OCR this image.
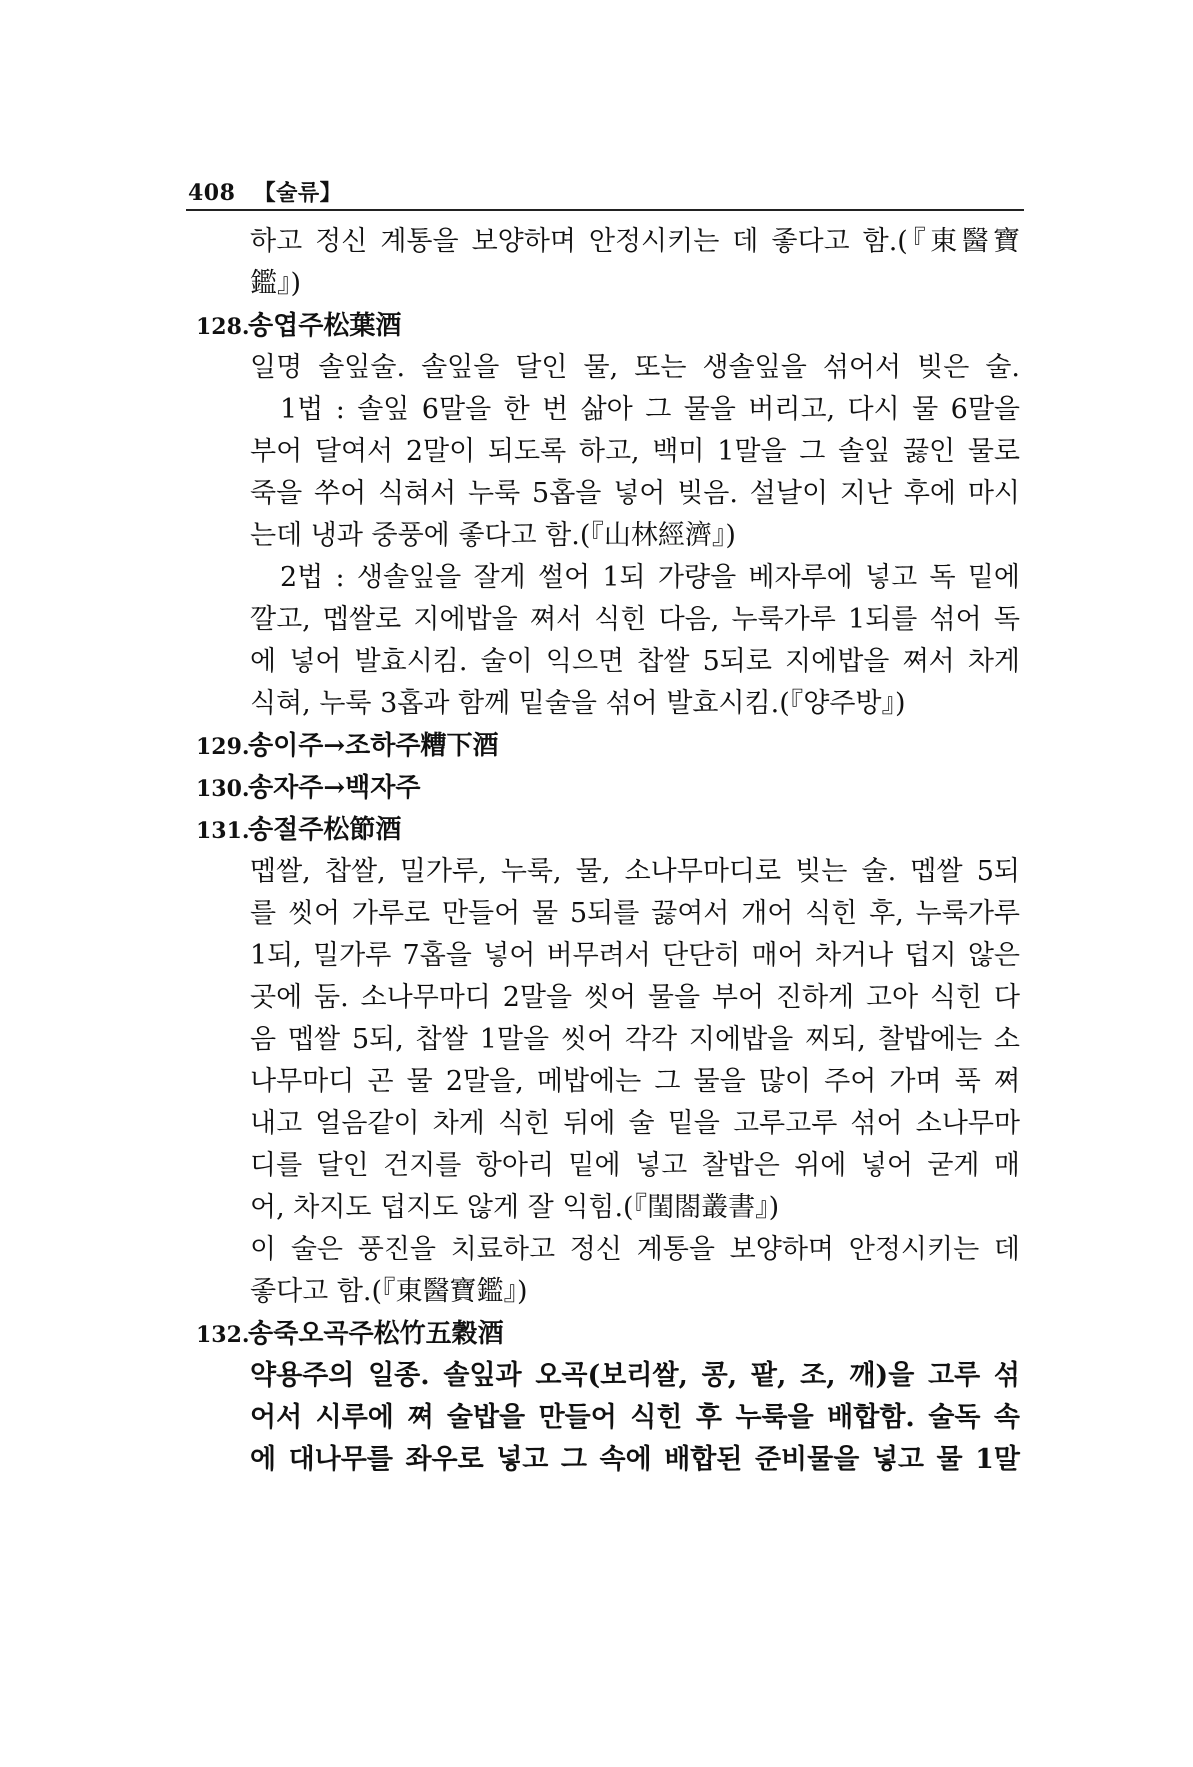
408 【술류】
하고 정신 계통을 보양하며 안정시키는 데 좋다고 함.(『東醫寶
鑑』)
128.송엽주松葉酒
일명 솔잎술. 솔잎을 달인 물, 또는 생솔잎을 섞어서 빚은 술.
1법 : 솔잎 6말을 한 번 삶아 그 물을 버리고, 다시 물 6말을
부어 달여서 2말이 되도록 하고, 백미 1말을 그 솔잎 끓인 물로
죽을 쑤어 식혀서 누룩 5홉을 넣어 빚음. 설날이 지난 후에 마시
는데 냉과 중풍에 좋다고 함.(『山林經濟』)
2법 : 생솔잎을 잘게 썰어 1되 가량을 베자루에 넣고 독 밑에
깔고, 멥쌀로 지에밥을 쪄서 식힌 다음, 누룩가루 1되를 섞어 독
에 넣어 발효시킴. 술이 익으면 찹쌀 5되로 지에밥을 쪄서 차게
식혀, 누룩 3홉과 함께 밑술을 섞어 발효시킴.(『양주방』)
129.송이주→조하주糟下酒
130.송자주→백자주
131.송절주松節酒
멥쌀, 찹쌀, 밀가루, 누룩, 물, 소나무마디로 빚는 술. 멥쌀 5되
를 씻어 가루로 만들어 물 5되를 끓여서 개어 식힌 후, 누룩가루
1되, 밀가루 7홉을 넣어 버무려서 단단히 매어 차거나 덥지 않은
곳에 둠. 소나무마디 2말을 씻어 물을 부어 진하게 고아 식힌 다
음 멥쌀 5되, 찹쌀 1말을 씻어 각각 지에밥을 찌되, 찰밥에는 소
나무마디 곤 물 2말을, 메밥에는 그 물을 많이 주어 가며 푹 쪄
내고 얼음같이 차게 식힌 뒤에 술 밑을 고루고루 섞어 소나무마
디를 달인 건지를 항아리 밑에 넣고 찰밥은 위에 넣어 굳게 매
어, 차지도 덥지도 않게 잘 익힘.(『閨閤叢書』)
이 술은 풍진을 치료하고 정신 계통을 보양하며 안정시키는 데
좋다고 함.(『東醫寶鑑』)
132.송죽오곡주松竹五穀酒
약용주의 일종. 솔잎과 오곡(보리쌀, 콩, 팥, 조, 깨)을 고루 섞
어서 시루에 쪄 술밥을 만들어 식힌 후 누룩을 배합함. 술독 속
에 대나무를 좌우로 넣고 그 속에 배합된 준비물을 넣고 물 1말
